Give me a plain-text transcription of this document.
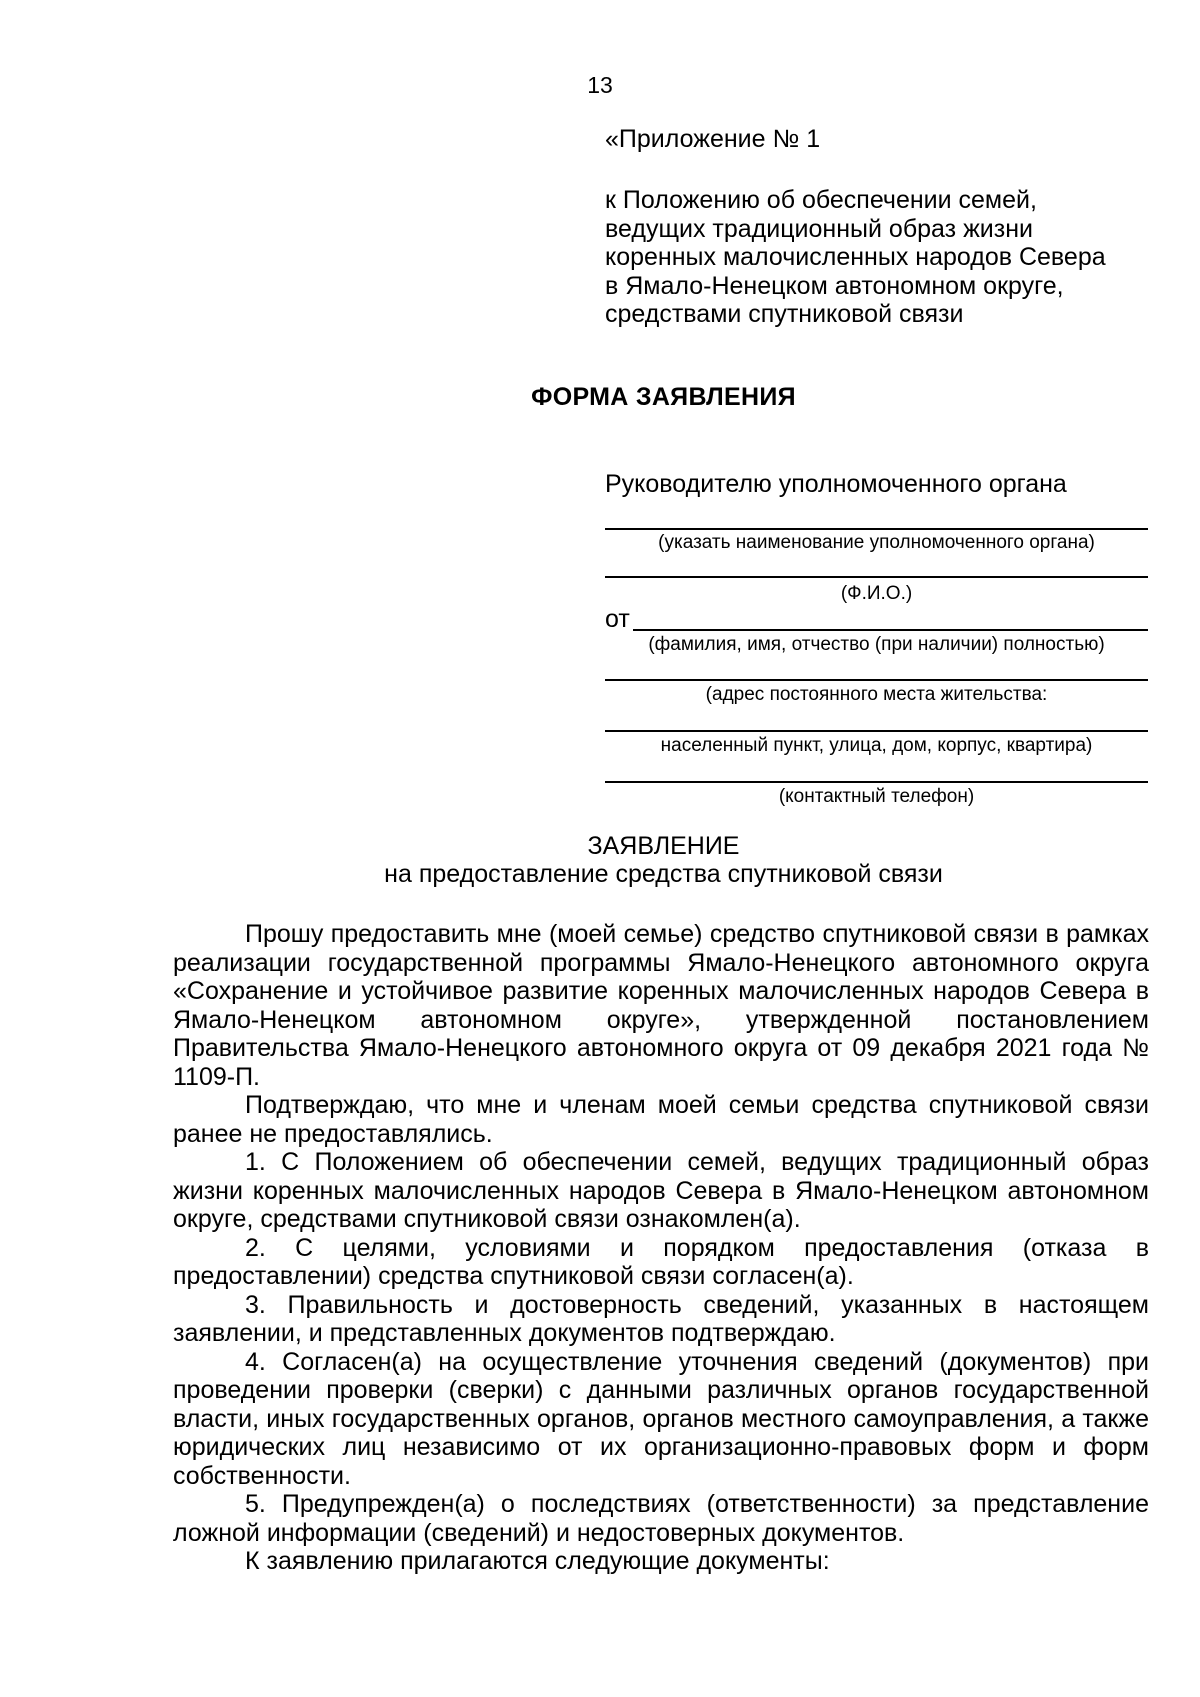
13
«Приложение № 1
к Положению об обеспечении семей,
ведущих традиционный образ жизни
коренных малочисленных народов Севера
в Ямало-Ненецком автономном округе,
средствами спутниковой связи
ФОРМА ЗАЯВЛЕНИЯ
Руководителю уполномоченного органа
(указать наименование уполномоченного органа)
(Ф.И.О.)
от
(фамилия, имя, отчество (при наличии) полностью)
(адрес постоянного места жительства:
населенный пункт, улица, дом, корпус, квартира)
(контактный телефон)
ЗАЯВЛЕНИЕ
на предоставление средства спутниковой связи

Прошу предоставить мне (моей семье) средство спутниковой связи в рамках реализации государственной программы Ямало-Ненецкого автономного округа «Сохранение и устойчивое развитие коренных малочисленных народов Севера в Ямало-Ненецком автономном округе», утвержденной постановлением Правительства Ямало-Ненецкого автономного округа от 09 декабря 2021 года № 1109-П.

Подтверждаю, что мне и членам моей семьи средства спутниковой связи ранее не предоставлялись.

1. С Положением об обеспечении семей, ведущих традиционный образ жизни коренных малочисленных народов Севера в Ямало-Ненецком автономном округе, средствами спутниковой связи ознакомлен(а).

2. С целями, условиями и порядком предоставления (отказа в предоставлении) средства спутниковой связи согласен(а).

3. Правильность и достоверность сведений, указанных в настоящем заявлении, и представленных документов подтверждаю.

4. Согласен(а) на осуществление уточнения сведений (документов) при проведении проверки (сверки) с данными различных органов государственной власти, иных государственных органов, органов местного самоуправления, а также юридических лиц независимо от их организационно-правовых форм и форм собственности.

5. Предупрежден(а) о последствиях (ответственности) за представление ложной информации (сведений) и недостоверных документов.

К заявлению прилагаются следующие документы:
